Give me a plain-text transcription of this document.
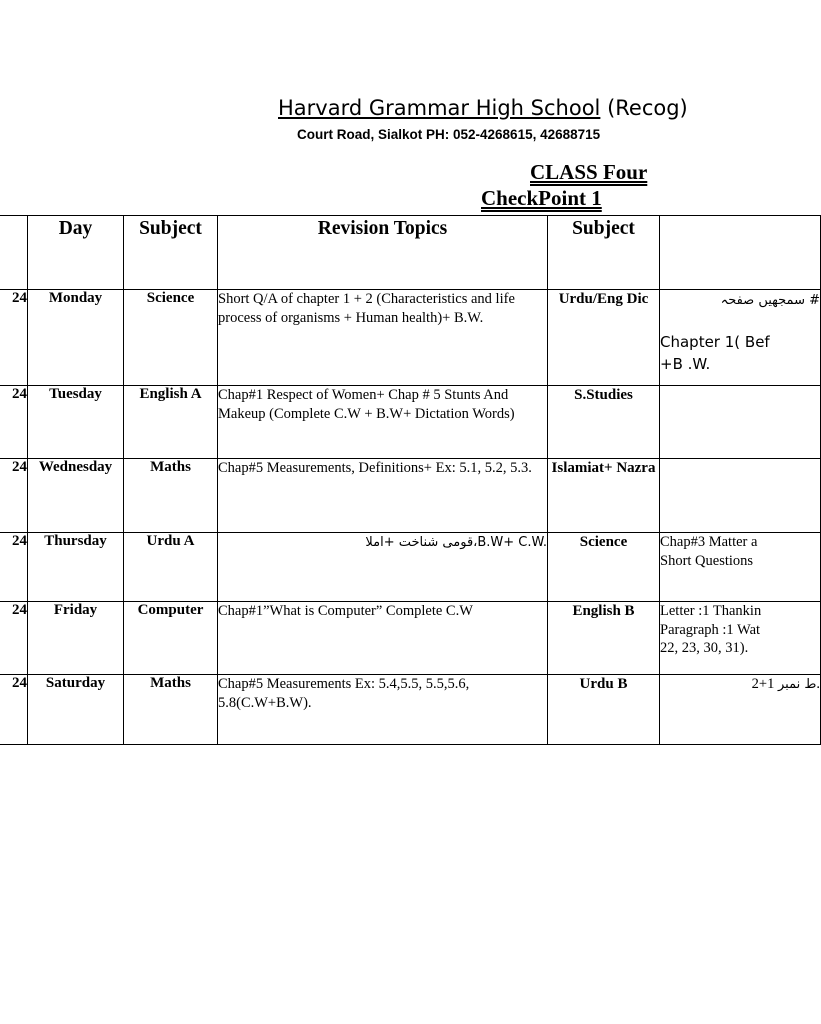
Harvard Grammar High School (Recog)
Court Road, Sialkot PH: 052-4268615, 42688715
CLASS Four
CheckPoint 1
	Day	Subject	Revision Topics	Subject	
24	Monday	Science	Short Q/A of chapter 1 + 2 (Characteristics and life process of organisms + Human health)+ B.W.	Urdu/Eng Dic	سمجھیں صفحہ #
Chapter 1( Bef
+B .W.

24	Tuesday	English A	Chap#1 Respect of Women+ Chap # 5 Stunts And Makeup (Complete C.W + B.W+ Dictation Words)	S.Studies	
24	Wednesday	Maths	Chap#5 Measurements, Definitions+ Ex: 5.1, 5.2, 5.3.	Islamiat+ Nazra	
24	Thursday	Urdu A	قومی شناخت +املا،B.W+ C.W.	Science	Chap#3 Matter a
Short Questions

24	Friday	Computer	Chap#1”What is Computer” Complete C.W	English B	Letter :1 Thankin
Paragraph :1 Wat
22, 23, 30, 31).

24	Saturday	Maths	Chap#5 Measurements Ex: 5.4,5.5, 5.5,5.6, 5.8(C.W+B.W).	Urdu B	ط نمبر 1+2.
